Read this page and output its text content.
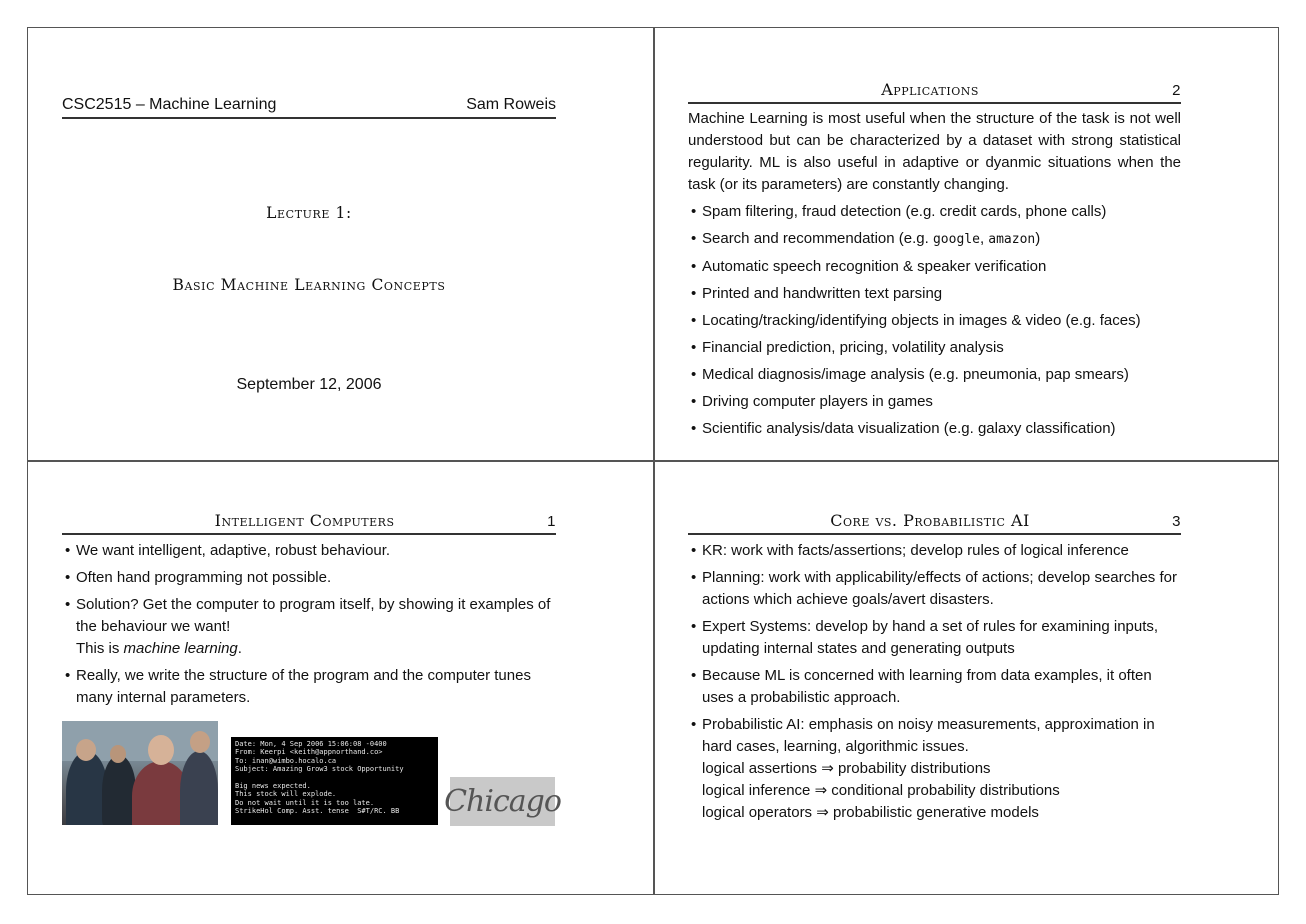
CSC2515 – Machine Learning	Sam Roweis
Lecture 1:
Basic Machine Learning Concepts
September 12, 2006
Applications	2
Machine Learning is most useful when the structure of the task is not well understood but can be characterized by a dataset with strong statistical regularity. ML is also useful in adaptive or dyanmic situations when the task (or its parameters) are constantly changing.
• Spam filtering, fraud detection (e.g. credit cards, phone calls)
• Search and recommendation (e.g. google, amazon)
• Automatic speech recognition & speaker verification
• Printed and handwritten text parsing
• Locating/tracking/identifying objects in images & video (e.g. faces)
• Financial prediction, pricing, volatility analysis
• Medical diagnosis/image analysis (e.g. pneumonia, pap smears)
• Driving computer players in games
• Scientific analysis/data visualization (e.g. galaxy classification)
Intelligent Computers	1
• We want intelligent, adaptive, robust behaviour.
• Often hand programming not possible.
• Solution? Get the computer to program itself, by showing it examples of the behaviour we want!
This is machine learning.
• Really, we write the structure of the program and the computer tunes many internal parameters.
Date: Mon, 4 Sep 2006 15:06:08 -0400
From: Keerpi <keith@appnorthand.co>
To: inan@wimbo.hocalo.ca
Subject: Amazing Grow3 stock Opportunity

Big news expected.
This stock will explode.
Do not wait until it is too late.
StrikeHol Comp. Asst. tense  S#T/RC. BB	Chicago
Core vs. Probabilistic AI	3
• KR: work with facts/assertions; develop rules of logical inference
• Planning: work with applicability/effects of actions; develop searches for actions which achieve goals/avert disasters.
• Expert Systems: develop by hand a set of rules for examining inputs, updating internal states and generating outputs
• Because ML is concerned with learning from data examples, it often uses a probabilistic approach.
• Probabilistic AI: emphasis on noisy measurements, approximation in hard cases, learning, algorithmic issues.
logical assertions ⇒ probability distributions
logical inference ⇒ conditional probability distributions
logical operators ⇒ probabilistic generative models
